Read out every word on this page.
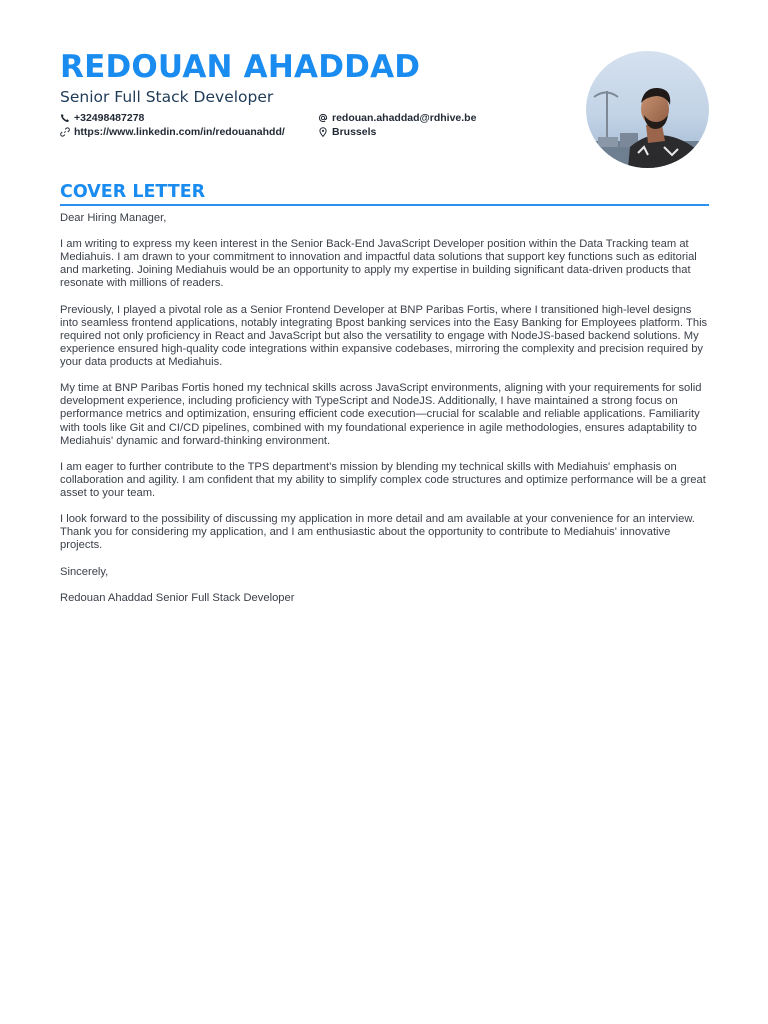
REDOUAN AHADDAD
Senior Full Stack Developer
+32498487278	redouan.ahaddad@rdhive.be
https://www.linkedin.com/in/redouanahdd/	Brussels
COVER LETTER

Dear Hiring Manager,

I am writing to express my keen interest in the Senior Back-End JavaScript Developer position within the Data Tracking team at Mediahuis. I am drawn to your commitment to innovation and impactful data solutions that support key functions such as editorial and marketing. Joining Mediahuis would be an opportunity to apply my expertise in building significant data-driven products that resonate with millions of readers.

Previously, I played a pivotal role as a Senior Frontend Developer at BNP Paribas Fortis, where I transitioned high-level designs into seamless frontend applications, notably integrating Bpost banking services into the Easy Banking for Employees platform. This required not only proficiency in React and JavaScript but also the versatility to engage with NodeJS-based backend solutions. My experience ensured high-quality code integrations within expansive codebases, mirroring the complexity and precision required by your data products at Mediahuis.

My time at BNP Paribas Fortis honed my technical skills across JavaScript environments, aligning with your requirements for solid development experience, including proficiency with TypeScript and NodeJS. Additionally, I have maintained a strong focus on performance metrics and optimization, ensuring efficient code execution—crucial for scalable and reliable applications. Familiarity with tools like Git and CI/CD pipelines, combined with my foundational experience in agile methodologies, ensures adaptability to Mediahuis' dynamic and forward-thinking environment.

I am eager to further contribute to the TPS department’s mission by blending my technical skills with Mediahuis' emphasis on collaboration and agility. I am confident that my ability to simplify complex code structures and optimize performance will be a great asset to your team.

I look forward to the possibility of discussing my application in more detail and am available at your convenience for an interview. Thank you for considering my application, and I am enthusiastic about the opportunity to contribute to Mediahuis' innovative projects.

Sincerely,

Redouan Ahaddad Senior Full Stack Developer
